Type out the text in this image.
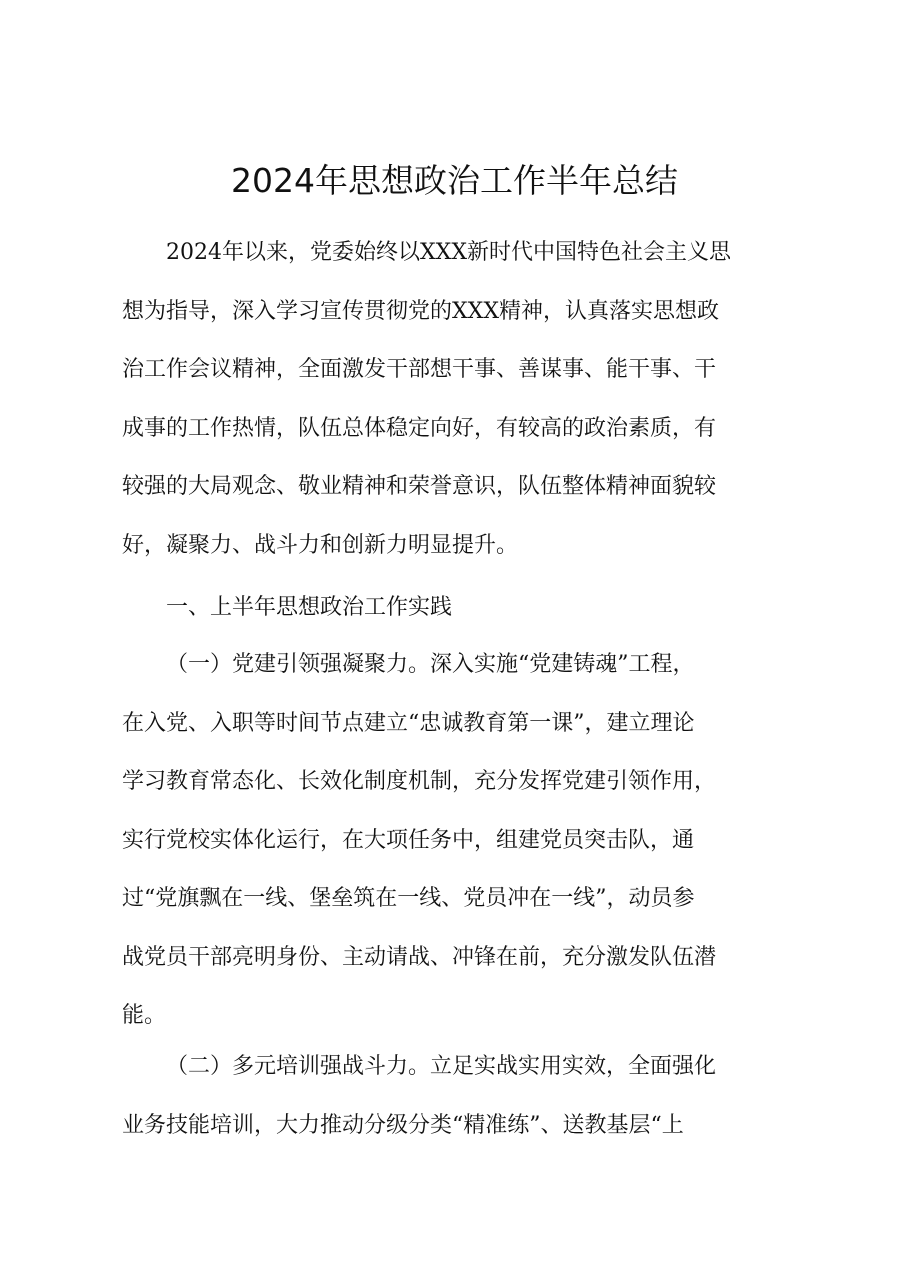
2024年思想政治工作半年总结
2024年以来，党委始终以XXX新时代中国特色社会主义思
想为指导，深入学习宣传贯彻党的XXX精神，认真落实思想政
治工作会议精神，全面激发干部想干事、善谋事、能干事、干
成事的工作热情，队伍总体稳定向好，有较高的政治素质，有
较强的大局观念、敬业精神和荣誉意识，队伍整体精神面貌较
好，凝聚力、战斗力和创新力明显提升。
一、上半年思想政治工作实践
（一）党建引领强凝聚力。深入实施“党建铸魂”工程，
在入党、入职等时间节点建立“忠诚教育第一课”，建立理论
学习教育常态化、长效化制度机制，充分发挥党建引领作用，
实行党校实体化运行，在大项任务中，组建党员突击队，通
过“党旗飘在一线、堡垒筑在一线、党员冲在一线”，动员参
战党员干部亮明身份、主动请战、冲锋在前，充分激发队伍潜
能。
（二）多元培训强战斗力。立足实战实用实效，全面强化
业务技能培训，大力推动分级分类“精准练”、送教基层“上
